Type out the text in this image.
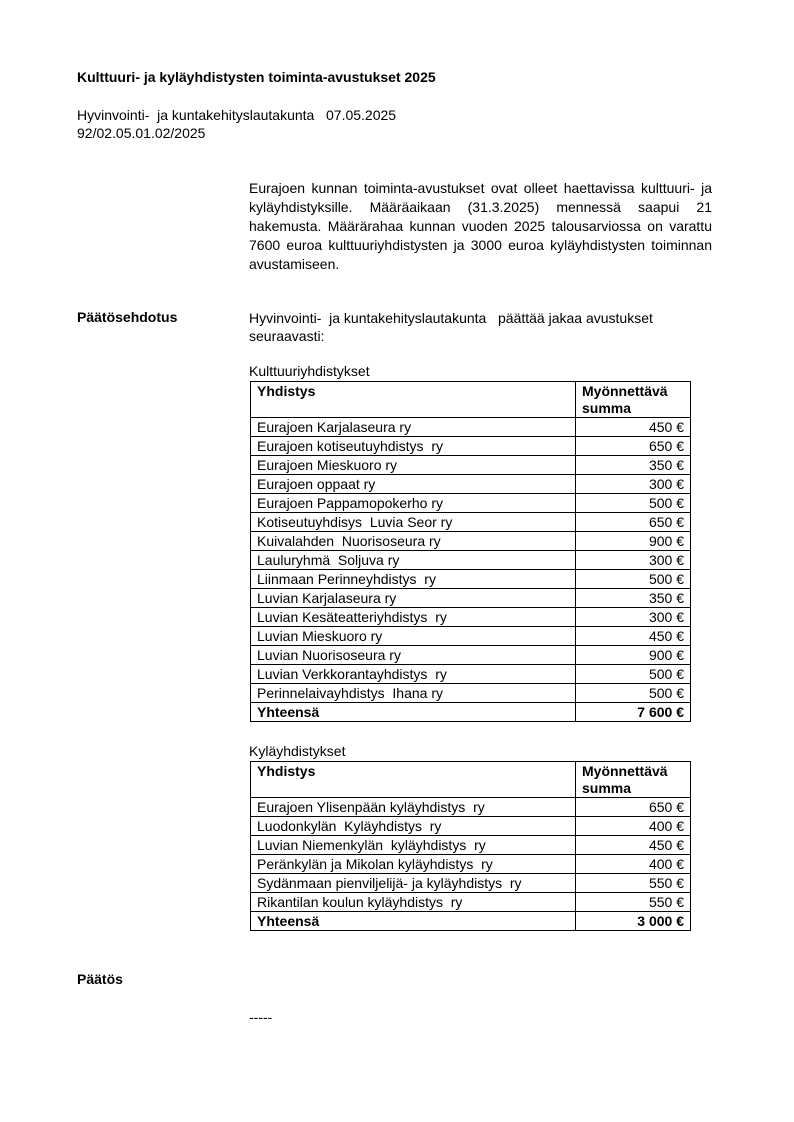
Kulttuuri- ja kyläyhdistysten toiminta-avustukset 2025
Hyvinvointi-  ja kuntakehityslautakunta   07.05.2025
92/02.05.01.02/2025
Eurajoen kunnan toiminta-avustukset ovat olleet haettavissa kulttuuri- ja kyläyhdistyksille. Määräaikaan (31.3.2025) mennessä saapui 21 hakemusta. Määrärahaa kunnan vuoden 2025 talousarviossa on varattu 7600 euroa kulttuuriyhdistysten ja 3000 euroa kyläyhdistysten toiminnan avustamiseen.
Päätösehdotus	Hyvinvointi-  ja kuntakehityslautakunta   päättää jakaa avustukset seuraavasti:
Kulttuuriyhdistykset
Yhdistys	Myönnettävä summa
Eurajoen Karjalaseura ry	450 €
Eurajoen kotiseutuyhdistys  ry	650 €
Eurajoen Mieskuoro ry	350 €
Eurajoen oppaat ry	300 €
Eurajoen Pappamopokerho ry	500 €
Kotiseutuyhdisys  Luvia Seor ry	650 €
Kuivalahden  Nuorisoseura ry	900 €
Lauluryhmä  Soljuva ry	300 €
Liinmaan Perinneyhdistys  ry	500 €
Luvian Karjalaseura ry	350 €
Luvian Kesäteatteriyhdistys  ry	300 €
Luvian Mieskuoro ry	450 €
Luvian Nuorisoseura ry	900 €
Luvian Verkkorantayhdistys  ry	500 €
Perinnelaivayhdistys  Ihana ry	500 €
Yhteensä	7 600 €
Kyläyhdistykset
Yhdistys	Myönnettävä summa
Eurajoen Ylisenpään kyläyhdistys  ry	650 €
Luodonkylän  Kyläyhdistys  ry	400 €
Luvian Niemenkylän  kyläyhdistys  ry	450 €
Peränkylän ja Mikolan kyläyhdistys  ry	400 €
Sydänmaan pienviljelijä- ja kyläyhdistys  ry	550 €
Rikantilan koulun kyläyhdistys  ry	550 €
Yhteensä	3 000 €
Päätös
-----
